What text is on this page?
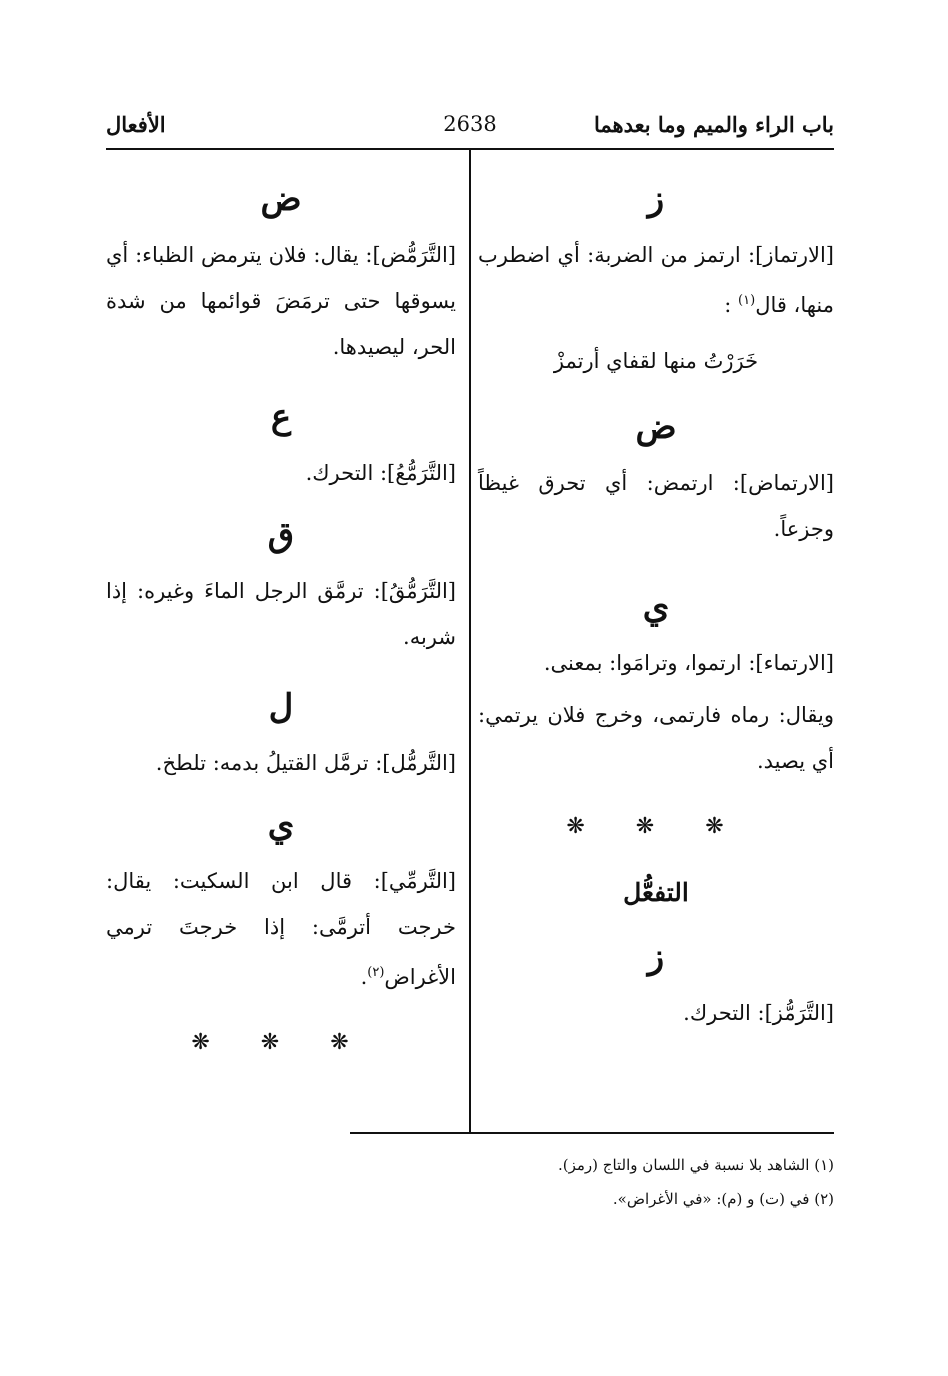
باب الراء والميم وما بعدهما
2638
الأفعال
ز
[الارتماز]: ارتمز من الضربة: أي اضطرب منها، قال$^{(١)}$ :
خَرَرْتُ منها لقفاي أرتمزْ
ض
[الارتماض]: ارتمض: أي تحرق غيظاً وجزعاً.
ي
[الارتماء]: ارتموا، وترامَوا: بمعنى.
ويقال: رماه فارتمى، وخرج فلان يرتمي: أي يصيد.
❋ ❋ ❋
التفعُّل
ز
[التَّرَمُّز]: التحرك.
ض
[التَّرَمُّض]: يقال: فلان يترمض الظباء: أي يسوقها حتى ترمَضَ قوائمها من شدة الحر، ليصيدها.
ع
[التَّرَمُّعُ]: التحرك.
ق
[التَّرَمُّقُ]: ترمَّق الرجل الماءَ وغيره: إذا شربه.
ل
[التَّرمُّل]: ترمَّل القتيلُ بدمه: تلطخ.
ي
[التَّرمِّي]: قال ابن السكيت: يقال: خرجت أترمَّى: إذا خرجتَ ترمي الأغراض$^{(٢)}$.
❋ ❋ ❋
(١) الشاهد بلا نسبة في اللسان والتاج (رمز).
(٢) في (ت) و (م): «في الأغراض».
